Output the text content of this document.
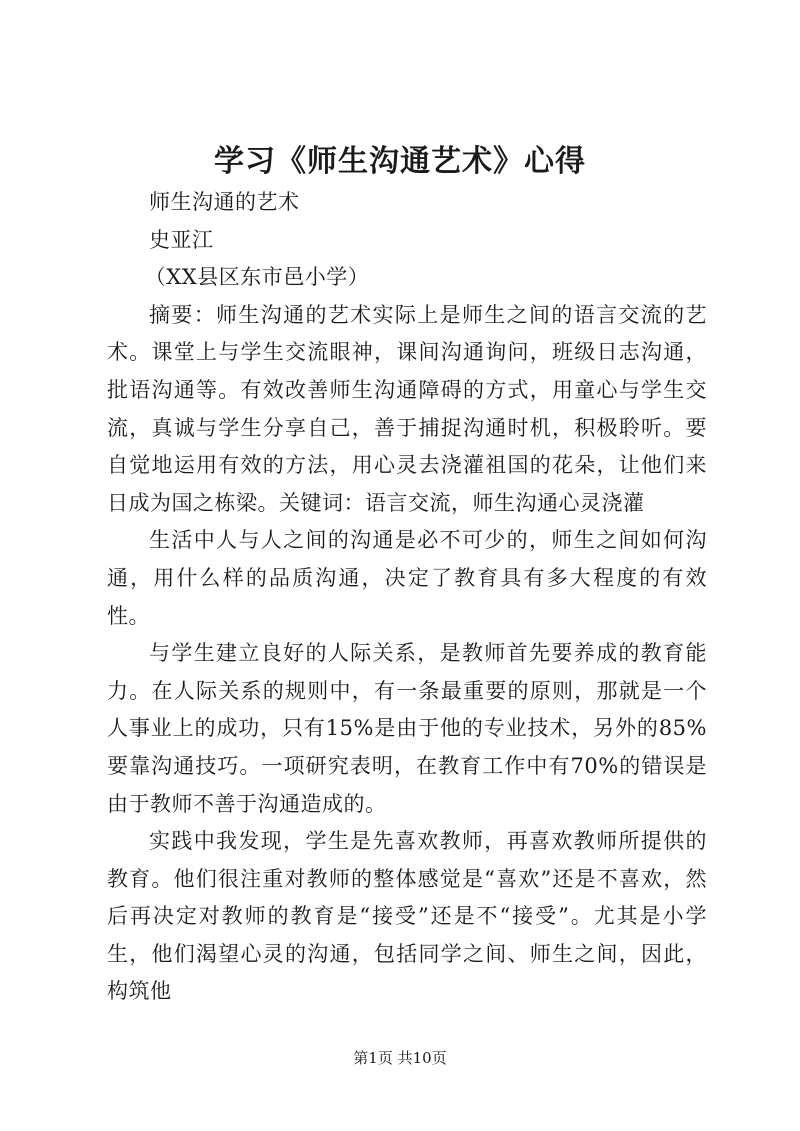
学习《师生沟通艺术》心得

师生沟通的艺术

史亚江

（XX县区东市邑小学）

摘要：师生沟通的艺术实际上是师生之间的语言交流的艺术。课堂上与学生交流眼神，课间沟通询问，班级日志沟通，批语沟通等。有效改善师生沟通障碍的方式，用童心与学生交流，真诚与学生分享自己，善于捕捉沟通时机，积极聆听。要自觉地运用有效的方法，用心灵去浇灌祖国的花朵，让他们来日成为国之栋梁。关键词：语言交流，师生沟通心灵浇灌

生活中人与人之间的沟通是必不可少的，师生之间如何沟通，用什么样的品质沟通，决定了教育具有多大程度的有效性。

与学生建立良好的人际关系，是教师首先要养成的教育能力。在人际关系的规则中，有一条最重要的原则，那就是一个人事业上的成功，只有15%是由于他的专业技术，另外的85%要靠沟通技巧。一项研究表明，在教育工作中有70%的错误是由于教师不善于沟通造成的。

实践中我发现，学生是先喜欢教师，再喜欢教师所提供的教育。他们很注重对教师的整体感觉是“喜欢”还是不喜欢，然后再决定对教师的教育是“接受”还是不“接受”。尤其是小学生，他们渴望心灵的沟通，包括同学之间、师生之间，因此，构筑他

第1页 共10页
